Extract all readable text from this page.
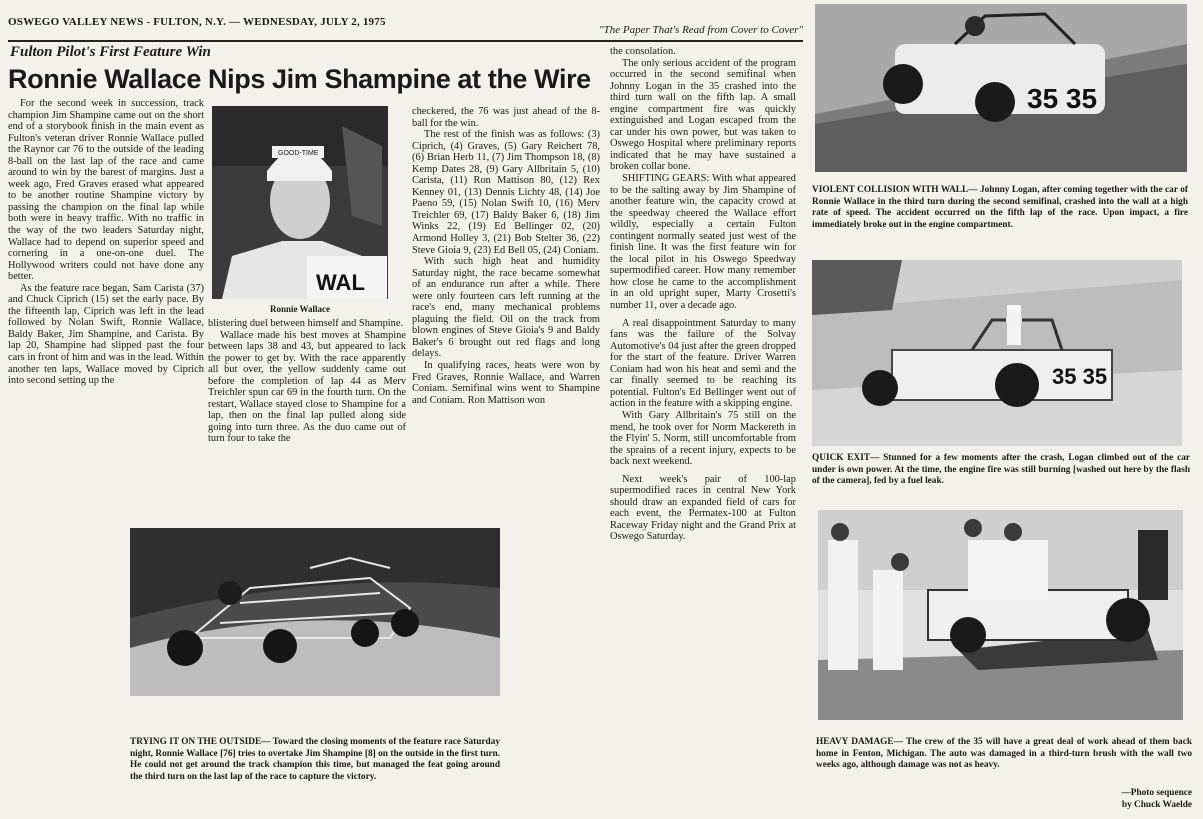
OSWEGO VALLEY NEWS - FULTON, N.Y. — WEDNESDAY, JULY 2, 1975
"The Paper That's Read from Cover to Cover"
Fulton Pilot's First Feature Win
Ronnie Wallace Nips Jim Shampine at the Wire

For the second week in succession, track champion Jim Shampine came out on the short end of a storybook finish in the main event as Fulton's veteran driver Ronnie Wallace pulled the Raynor car 76 to the outside of the leading 8-ball on the last lap of the race and came around to win by the barest of margins. Just a week ago, Fred Graves erased what appeared to be another routine Shampine victory by passing the champion on the final lap while both were in heavy traffic. With no traffic in the way of the two leaders Saturday night, Wallace had to depend on superior speed and cornering in a one-on-one duel. The Hollywood writers could not have done any better.

As the feature race began, Sam Carista (37) and Chuck Ciprich (15) set the early pace. By the fifteenth lap, Ciprich was left in the lead followed by Nolan Swift, Ronnie Wallace, Baldy Baker, Jim Shampine, and Carista. By lap 20, Shampine had slipped past the four cars in front of him and was in the lead. Within another ten laps, Wallace moved by Ciprich into second setting up the

WAL
GOOD-TIME
Ronnie Wallace

blistering duel between himself and Shampine.

Wallace made his best moves at Shampine between laps 38 and 43, but appeared to lack the power to get by. With the race apparently all but over, the yellow suddenly came out before the completion of lap 44 as Merv Treichler spun car 69 in the fourth turn. On the restart, Wallace stayed close to Shampine for a lap, then on the final lap pulled along side going into turn three. As the duo came out of turn four to take the

checkered, the 76 was just ahead of the 8-ball for the win.

The rest of the finish was as follows: (3) Ciprich, (4) Graves, (5) Gary Reichert 78, (6) Brian Herb 11, (7) Jim Thompson 18, (8) Kemp Dates 28, (9) Gary Allbritain 5, (10) Carista, (11) Ron Mattison 80, (12) Rex Kenney 01, (13) Dennis Lichty 48, (14) Joe Paeno 59, (15) Nolan Swift 10, (16) Merv Treichler 69, (17) Baldy Baker 6, (18) Jim Winks 22, (19) Ed Bellinger 02, (20) Armond Holley 3, (21) Bob Stelter 36, (22) Steve Gioia 9, (23) Ed Bell 05, (24) Coniam.

With such high heat and humidity Saturday night, the race became somewhat of an endurance run after a while. There were only fourteen cars left running at the race's end, many mechanical problems plaguing the field. Oil on the track from blown engines of Steve Gioia's 9 and Baldy Baker's 6 brought out red flags and long delays.

In qualifying races, heats were won by Fred Graves, Ronnie Wallace, and Warren Coniam. Semifinal wins went to Shampine and Coniam. Ron Mattison won

the consolation.

The only serious accident of the program occurred in the second semifinal when Johnny Logan in the 35 crashed into the third turn wall on the fifth lap. A small engine compartment fire was quickly extinguished and Logan escaped from the car under his own power, but was taken to Oswego Hospital where preliminary reports indicated that he may have sustained a broken collar bone.

SHIFTING GEARS: With what appeared to be the salting away by Jim Shampine of another feature win, the capacity crowd at the speedway cheered the Wallace effort wildly, especially a certain Fulton contingent normally seated just west of the finish line. It was the first feature win for the local pilot in his Oswego Speedway supermodified career. How many remember how close he came to the accomplishment in an old upright super, Marty Crosetti's number 11, over a decade ago.

A real disappointment Saturday to many fans was the failure of the Solvay Automotive's 04 just after the green dropped for the start of the feature. Driver Warren Coniam had won his heat and semi and the car finally seemed to be reaching its potential. Fulton's Ed Bellinger went out of action in the feature with a skipping engine.

With Gary Allbritain's 75 still on the mend, he took over for Norm Mackereth in the Flyin' 5. Norm, still uncomfortable from the sprains of a recent injury, expects to be back next weekend.

Next week's pair of 100-lap supermodified races in central New York should draw an expanded field of cars for each event, the Permatex-100 at Fulton Raceway Friday night and the Grand Prix at Oswego Saturday.

TRYING IT ON THE OUTSIDE— Toward the closing moments of the feature race Saturday night, Ronnie Wallace [76] tries to overtake Jim Shampine [8] on the outside in the first turn. He could not get around the track champion this time, but managed the feat going around the third turn on the last lap of the race to capture the victory.
35 35
VIOLENT COLLISION WITH WALL— Johnny Logan, after coming together with the car of Ronnie Wallace in the third turn during the second semifinal, crashed into the wall at a high rate of speed. The accident occurred on the fifth lap of the race. Upon impact, a fire immediately broke out in the engine compartment.
35 35
QUICK EXIT— Stunned for a few moments after the crash, Logan climbed out of the car under is own power. At the time, the engine fire was still burning [washed out here by the flash of the camera], fed by a fuel leak.
HEAVY DAMAGE— The crew of the 35 will have a great deal of work ahead of them back home in Fenton, Michigan. The auto was damaged in a third-turn brush with the wall two weeks ago, although damage was not as heavy.
—Photo sequence
by Chuck Waelde
